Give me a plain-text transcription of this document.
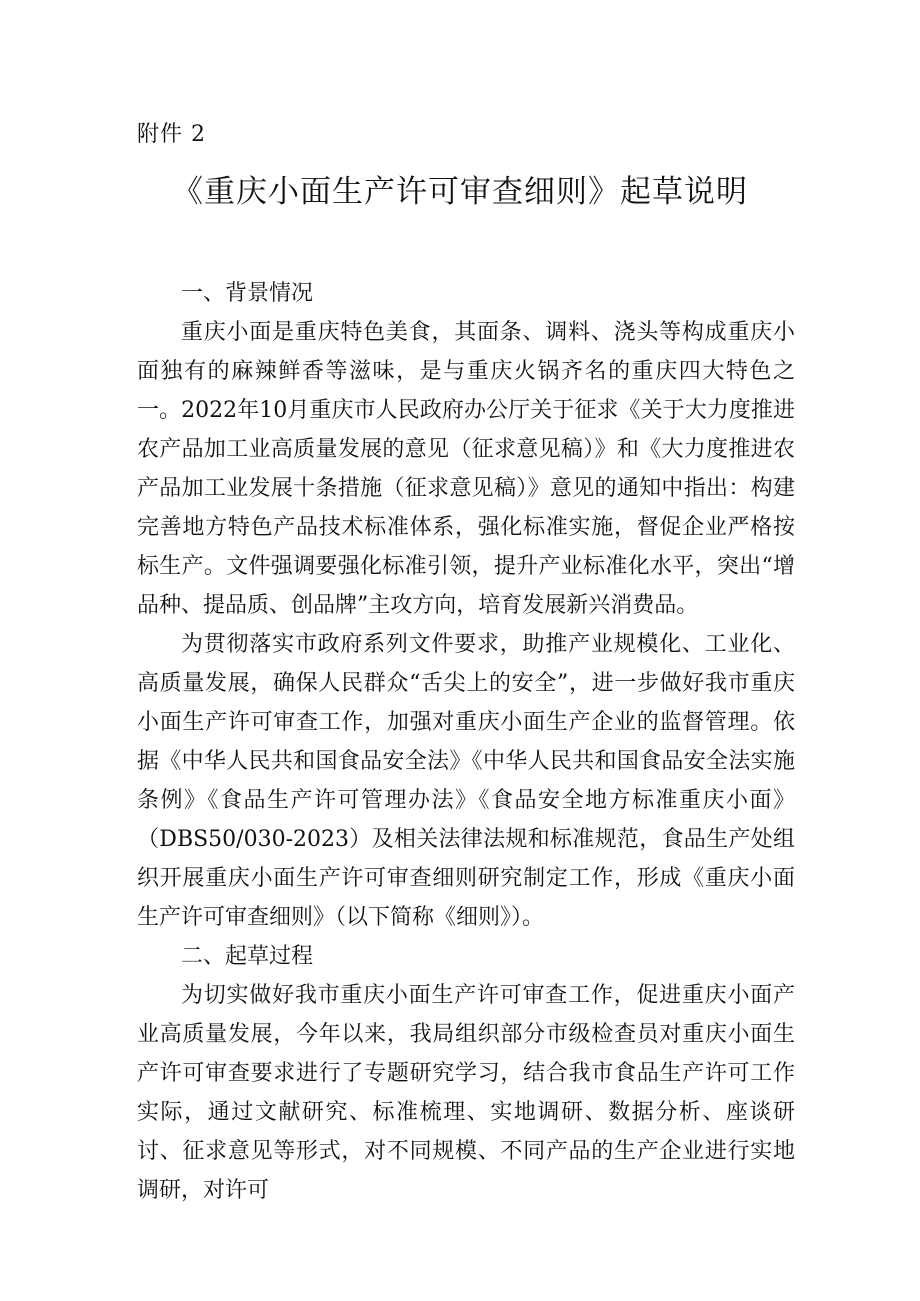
附件 2
《重庆小面生产许可审查细则》起草说明

一、背景情况

重庆小面是重庆特色美食，其面条、调料、浇头等构成重庆小面独有的麻辣鲜香等滋味，是与重庆火锅齐名的重庆四大特色之一。2022年10月重庆市人民政府办公厅关于征求《关于大力度推进农产品加工业高质量发展的意见（征求意见稿）》和《大力度推进农产品加工业发展十条措施（征求意见稿）》意见的通知中指出：构建完善地方特色产品技术标准体系，强化标准实施，督促企业严格按标生产。文件强调要强化标准引领，提升产业标准化水平，突出“增品种、提品质、创品牌”主攻方向，培育发展新兴消费品。

为贯彻落实市政府系列文件要求，助推产业规模化、工业化、高质量发展，确保人民群众“舌尖上的安全”，进一步做好我市重庆小面生产许可审查工作，加强对重庆小面生产企业的监督管理。依据《中华人民共和国食品安全法》《中华人民共和国食品安全法实施条例》《食品生产许可管理办法》《食品安全地方标准重庆小面》（DBS50/030-2023）及相关法律法规和标准规范，食品生产处组织开展重庆小面生产许可审查细则研究制定工作，形成《重庆小面生产许可审查细则》（以下简称《细则》）。

二、起草过程

为切实做好我市重庆小面生产许可审查工作，促进重庆小面产业高质量发展，今年以来，我局组织部分市级检查员对重庆小面生产许可审查要求进行了专题研究学习，结合我市食品生产许可工作实际，通过文献研究、标准梳理、实地调研、数据分析、座谈研讨、征求意见等形式，对不同规模、不同产品的生产企业进行实地调研，对许可
